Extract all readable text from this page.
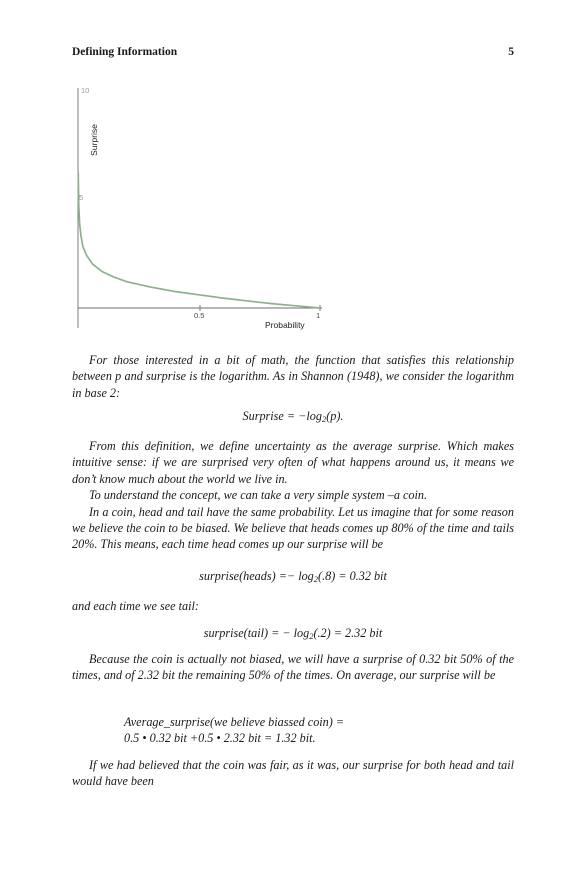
Defining Information	5
10
5
0.5	1
Probability
Surprise

For those interested in a bit of math, the function that satisfies this relationship between p and surprise is the logarithm. As in Shannon (1948), we consider the logarithm in base 2:

Surprise = $-\log_2(p)$.

From this definition, we define uncertainty as the average surprise. Which makes intuitive sense: if we are surprised very often of what happens around us, it means we don’t know much about the world we live in.

To understand the concept, we can take a very simple system –a coin.

In a coin, head and tail have the same probability. Let us imagine that for some reason we believe the coin to be biased. We believe that heads comes up 80% of the time and tails 20%. This means, each time head comes up our surprise will be

surprise(heads) =− $\log_2(.8) = 0.32$ bit

and each time we see tail:

surprise(tail) = − $\log_2(.2) = 2.32$ bit

Because the coin is actually not biased, we will have a surprise of 0.32 bit 50% of the times, and of 2.32 bit the remaining 50% of the times. On average, our surprise will be

Average_surprise(we believe biassed coin) =
0.5 • 0.32 bit +0.5 • 2.32 bit = 1.32 bit.

If we had believed that the coin was fair, as it was, our surprise for both head and tail would have been
